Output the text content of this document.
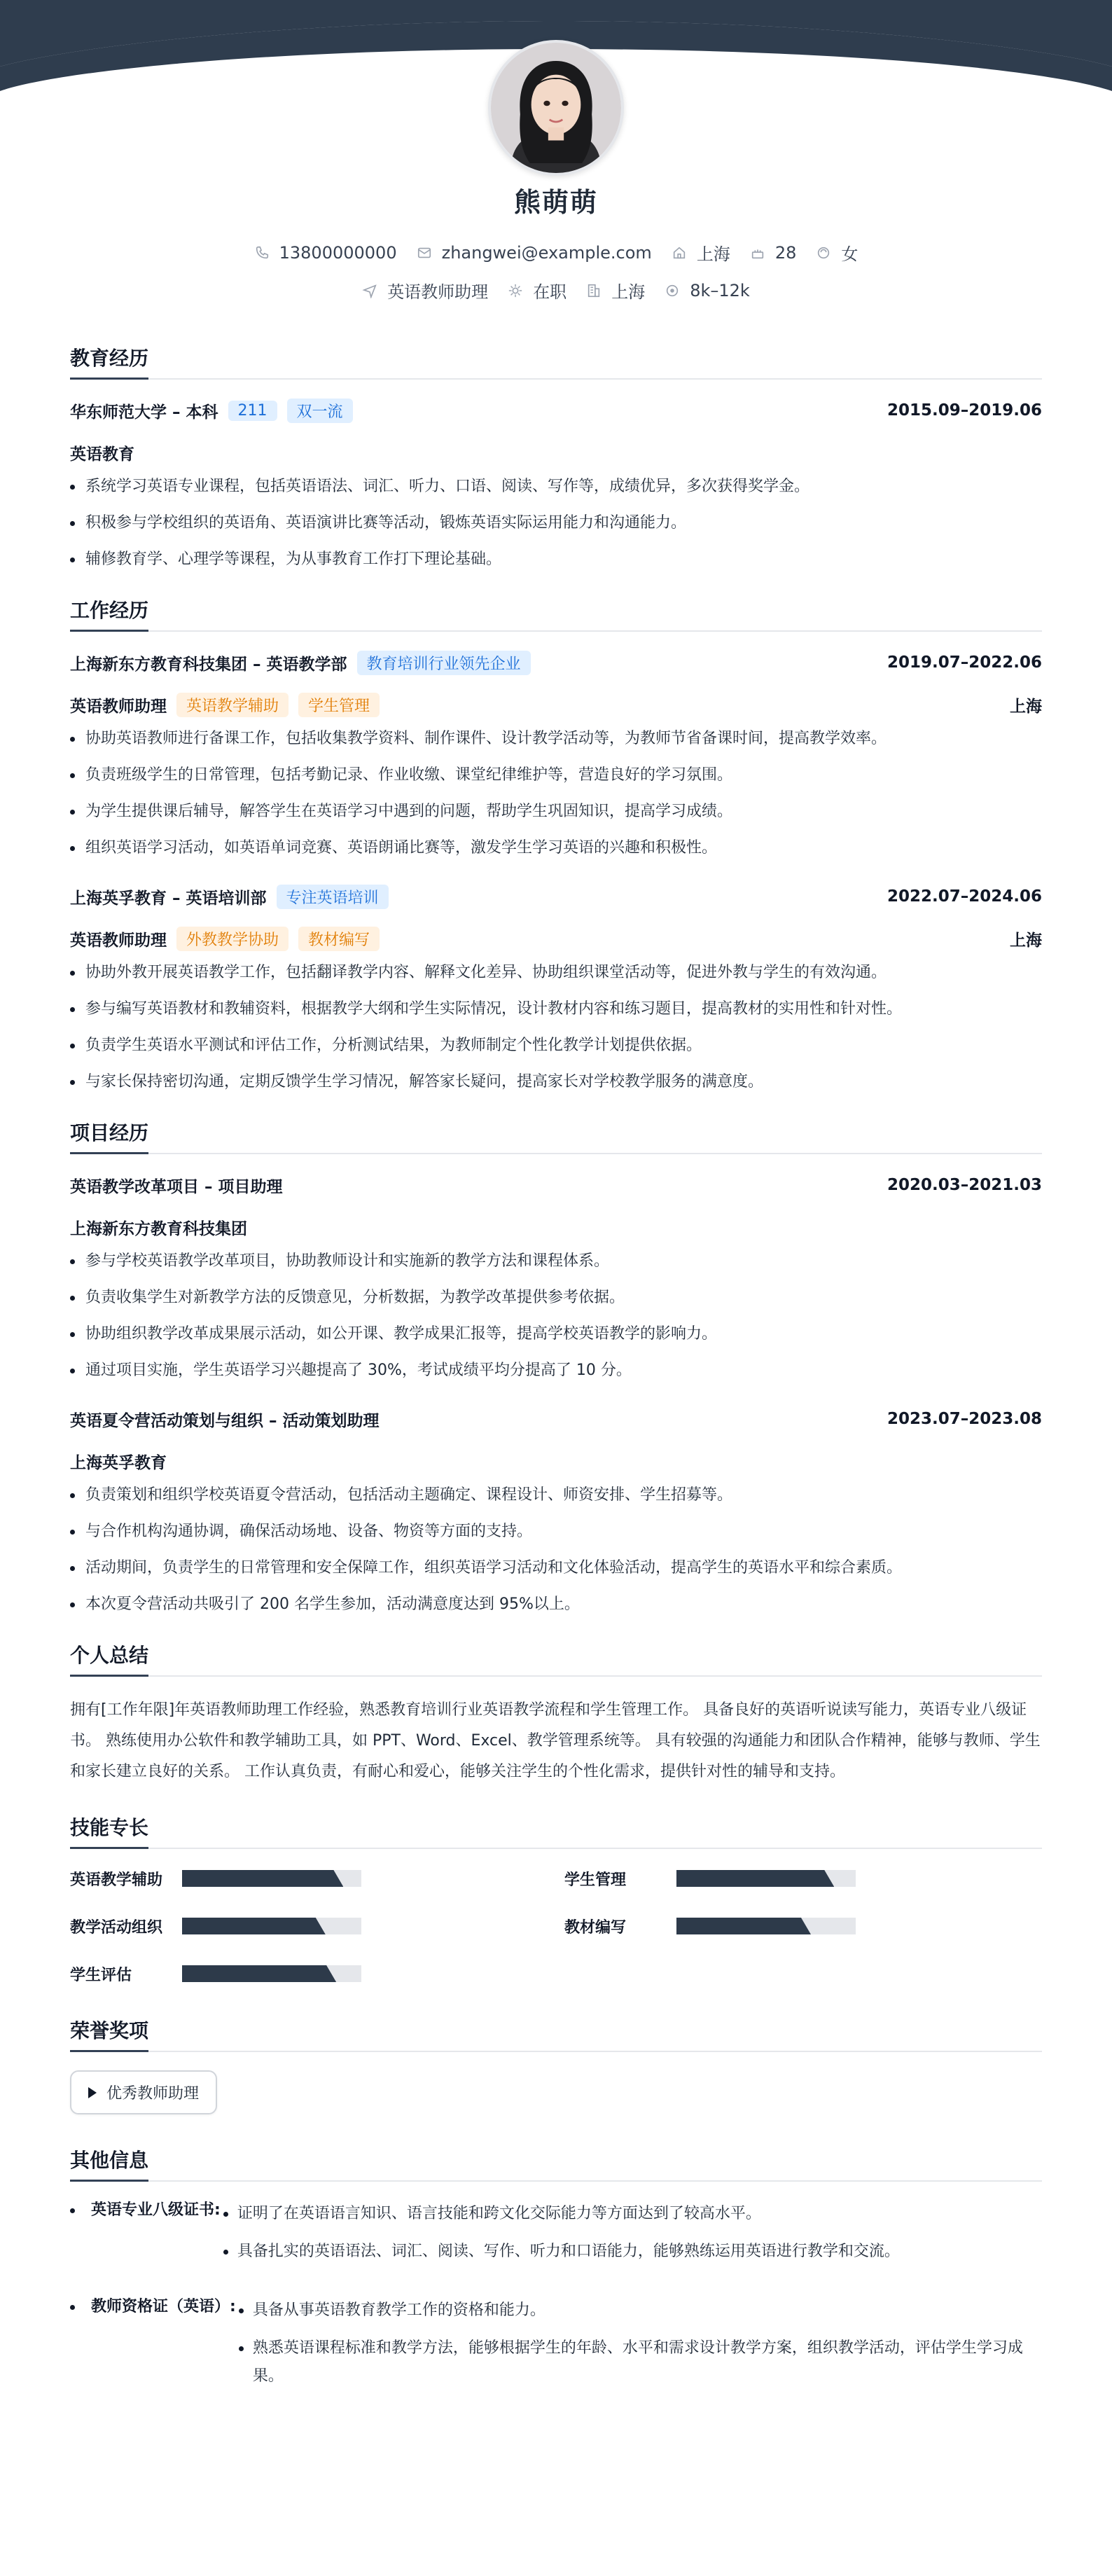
熊萌萌
13800000000	zhangwei@example.com	上海	28	女
英语教师助理	在职	上海	8k–12k
教育经历
华东师范大学 – 本科	211	双一流	2015.09–2019.06
英语教育
系统学习英语专业课程，包括英语语法、词汇、听力、口语、阅读、写作等，成绩优异，多次获得奖学金。
积极参与学校组织的英语角、英语演讲比赛等活动，锻炼英语实际运用能力和沟通能力。
辅修教育学、心理学等课程，为从事教育工作打下理论基础。
工作经历
上海新东方教育科技集团 – 英语教学部	教育培训行业领先企业	2019.07–2022.06
英语教师助理	英语教学辅助	学生管理	上海
协助英语教师进行备课工作，包括收集教学资料、制作课件、设计教学活动等，为教师节省备课时间，提高教学效率。
负责班级学生的日常管理，包括考勤记录、作业收缴、课堂纪律维护等，营造良好的学习氛围。
为学生提供课后辅导，解答学生在英语学习中遇到的问题，帮助学生巩固知识，提高学习成绩。
组织英语学习活动，如英语单词竞赛、英语朗诵比赛等，激发学生学习英语的兴趣和积极性。
上海英孚教育 – 英语培训部	专注英语培训	2022.07–2024.06
英语教师助理	外教教学协助	教材编写	上海
协助外教开展英语教学工作，包括翻译教学内容、解释文化差异、协助组织课堂活动等，促进外教与学生的有效沟通。
参与编写英语教材和教辅资料，根据教学大纲和学生实际情况，设计教材内容和练习题目，提高教材的实用性和针对性。
负责学生英语水平测试和评估工作，分析测试结果，为教师制定个性化教学计划提供依据。
与家长保持密切沟通，定期反馈学生学习情况，解答家长疑问，提高家长对学校教学服务的满意度。
项目经历
英语教学改革项目 – 项目助理	2020.03–2021.03
上海新东方教育科技集团
参与学校英语教学改革项目，协助教师设计和实施新的教学方法和课程体系。
负责收集学生对新教学方法的反馈意见，分析数据，为教学改革提供参考依据。
协助组织教学改革成果展示活动，如公开课、教学成果汇报等，提高学校英语教学的影响力。
通过项目实施，学生英语学习兴趣提高了 30%，考试成绩平均分提高了 10 分。
英语夏令营活动策划与组织 – 活动策划助理	2023.07–2023.08
上海英孚教育
负责策划和组织学校英语夏令营活动，包括活动主题确定、课程设计、师资安排、学生招募等。
与合作机构沟通协调，确保活动场地、设备、物资等方面的支持。
活动期间，负责学生的日常管理和安全保障工作，组织英语学习活动和文化体验活动，提高学生的英语水平和综合素质。
本次夏令营活动共吸引了 200 名学生参加，活动满意度达到 95%以上。
个人总结
拥有[工作年限]年英语教师助理工作经验，熟悉教育培训行业英语教学流程和学生管理工作。 具备良好的英语听说读写能力，英语专业八级证书。 熟练使用办公软件和教学辅助工具，如 PPT、Word、Excel、教学管理系统等。 具有较强的沟通能力和团队合作精神，能够与教师、学生和家长建立良好的关系。 工作认真负责，有耐心和爱心，能够关注学生的个性化需求，提供针对性的辅导和支持。
技能专长
英语教学辅助	学生管理
教学活动组织	教材编写
学生评估
荣誉奖项
优秀教师助理
其他信息
英语专业八级证书:	证明了在英语语言知识、语言技能和跨文化交际能力等方面达到了较高水平。
具备扎实的英语语法、词汇、阅读、写作、听力和口语能力，能够熟练运用英语进行教学和交流。
教师资格证（英语）:	具备从事英语教育教学工作的资格和能力。
熟悉英语课程标准和教学方法，能够根据学生的年龄、水平和需求设计教学方案，组织教学活动，评估学生学习成果。
